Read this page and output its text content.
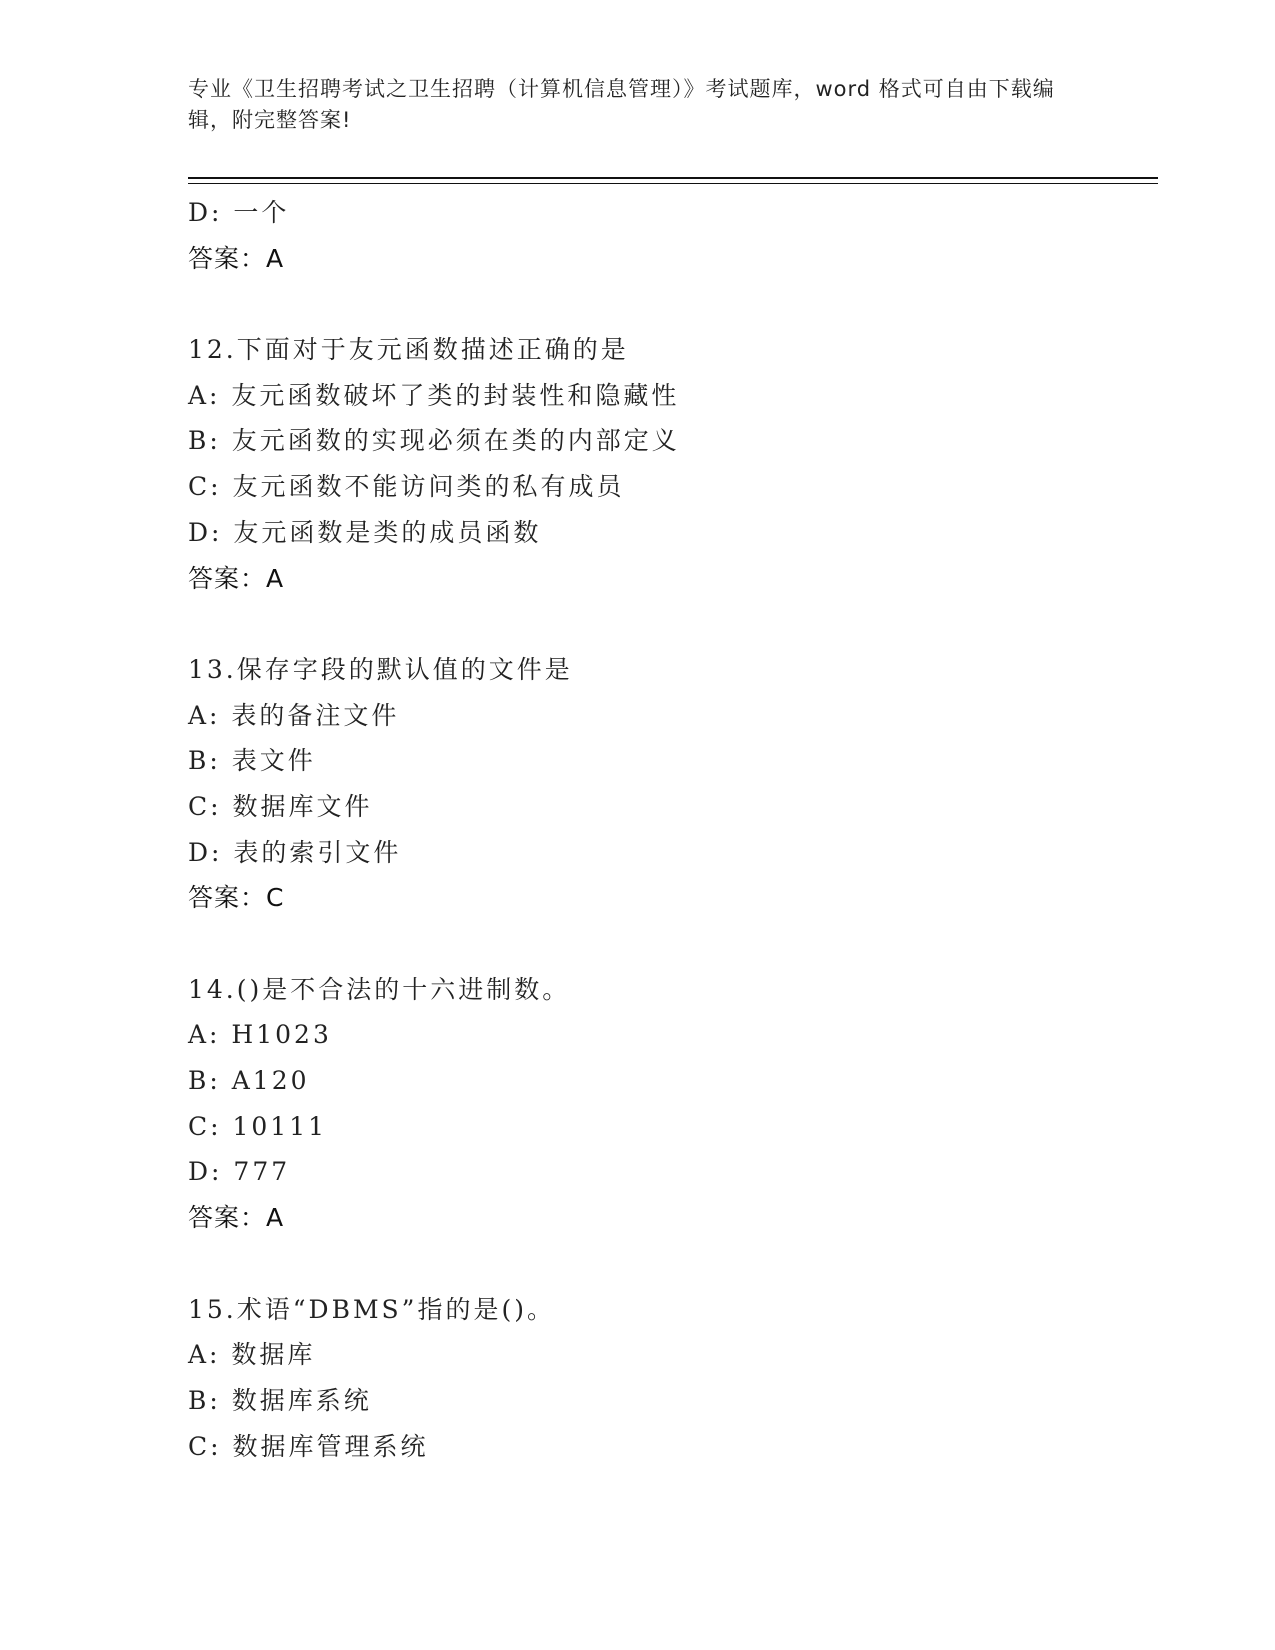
专业《卫生招聘考试之卫生招聘（计算机信息管理）》考试题库，word 格式可自由下载编辑，附完整答案!
D: 一个
答案：A
12.下面对于友元函数描述正确的是
A: 友元函数破坏了类的封装性和隐藏性
B: 友元函数的实现必须在类的内部定义
C: 友元函数不能访问类的私有成员
D: 友元函数是类的成员函数
答案：A
13.保存字段的默认值的文件是
A: 表的备注文件
B: 表文件
C: 数据库文件
D: 表的索引文件
答案：C
14.()是不合法的十六进制数。
A: H1023
B: A120
C: 10111
D: 777
答案：A
15.术语“DBMS”指的是()。
A: 数据库
B: 数据库系统
C: 数据库管理系统
